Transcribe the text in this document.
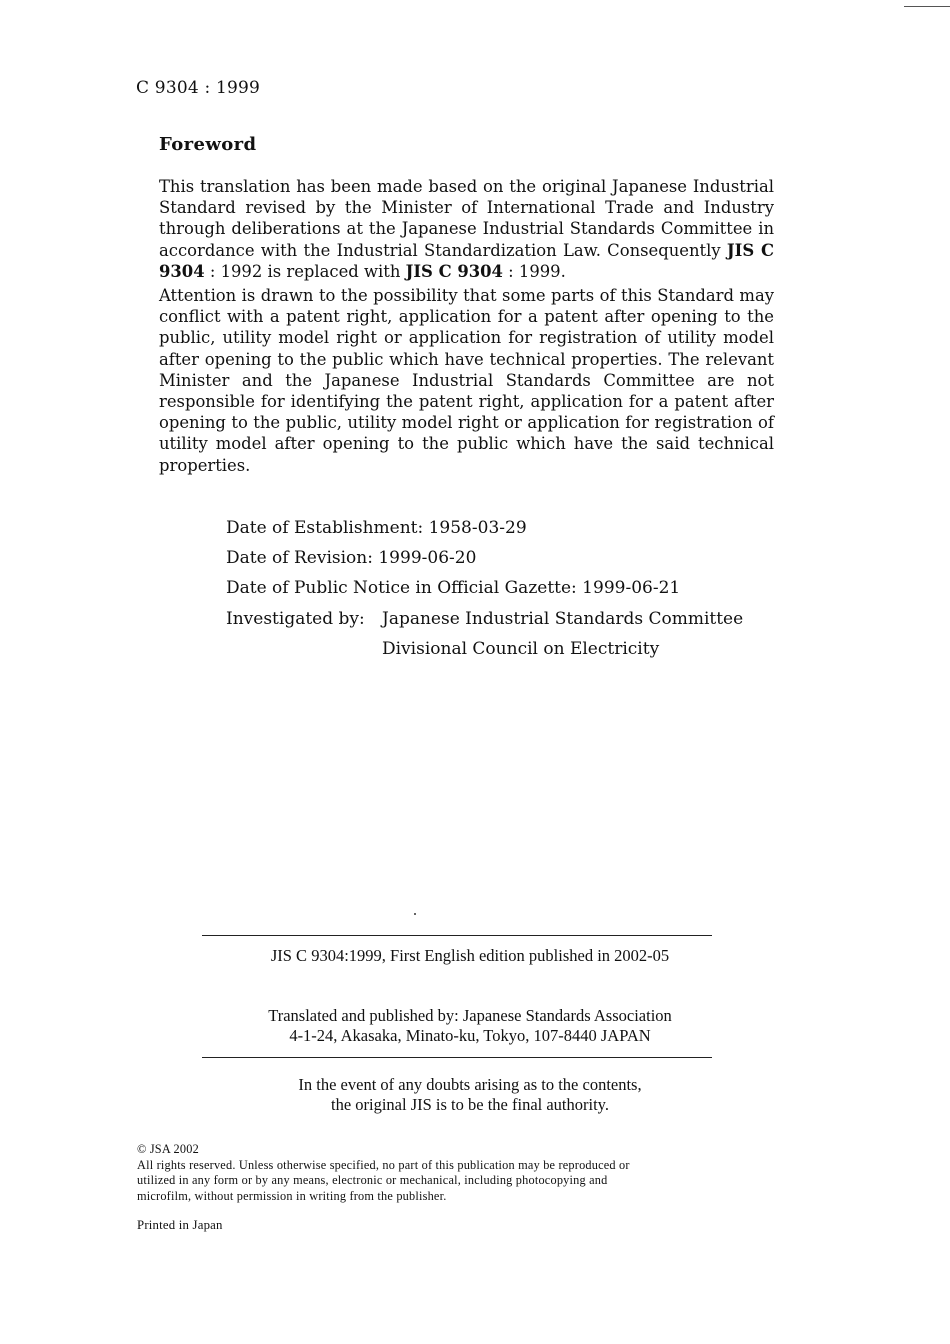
C 9304 : 1999
Foreword

This translation has been made based on the original Japanese Industrial Standard revised by the Minister of International Trade and Industry through deliberations at the Japanese Industrial Standards Committee in accordance with the Industrial Standardization Law. Consequently JIS C 9304 : 1992 is replaced with JIS C 9304 : 1999.

Attention is drawn to the possibility that some parts of this Standard may conflict with a patent right, application for a patent after opening to the public, utility model right or application for registration of utility model after opening to the public which have technical properties. The relevant Minister and the Japanese Industrial Standards Committee are not responsible for identifying the patent right, application for a patent after opening to the public, utility model right or application for registration of utility model after opening to the public which have the said technical properties.

Date of Establishment: 1958-03-29
Date of Revision: 1999-06-20
Date of Public Notice in Official Gazette: 1999-06-21
Investigated by:	Japanese Industrial Standards Committee
Divisional Council on Electricity
JIS C 9304:1999, First English edition published in 2002-05
Translated and published by: Japanese Standards Association
4-1-24, Akasaka, Minato-ku, Tokyo, 107-8440 JAPAN
In the event of any doubts arising as to the contents,
the original JIS is to be the final authority.
© JSA 2002
All rights reserved. Unless otherwise specified, no part of this publication may be reproduced or
utilized in any form or by any means, electronic or mechanical, including photocopying and
microfilm, without permission in writing from the publisher.
Printed in Japan
